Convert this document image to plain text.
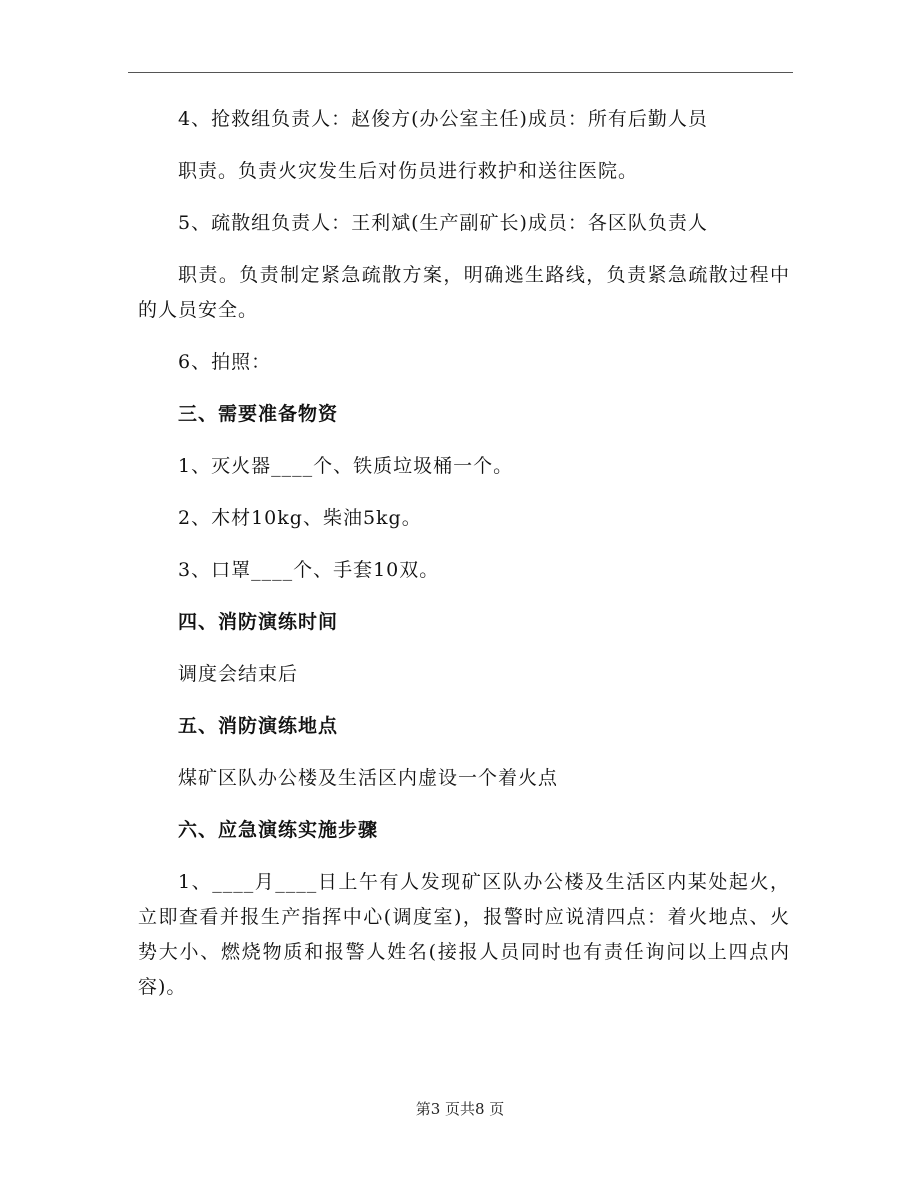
4、抢救组负责人：赵俊方(办公室主任)成员：所有后勤人员

职责。负责火灾发生后对伤员进行救护和送往医院。

5、疏散组负责人：王利斌(生产副矿长)成员：各区队负责人

职责。负责制定紧急疏散方案，明确逃生路线，负责紧急疏散过程中的人员安全。

6、拍照：

三、需要准备物资

1、灭火器____个、铁质垃圾桶一个。

2、木材10kg、柴油5kg。

3、口罩____个、手套10双。

四、消防演练时间

调度会结束后

五、消防演练地点

煤矿区队办公楼及生活区内虚设一个着火点

六、应急演练实施步骤

1、____月____日上午有人发现矿区队办公楼及生活区内某处起火，立即查看并报生产指挥中心(调度室)，报警时应说清四点：着火地点、火势大小、燃烧物质和报警人姓名(接报人员同时也有责任询问以上四点内容)。

第3 页共8 页
